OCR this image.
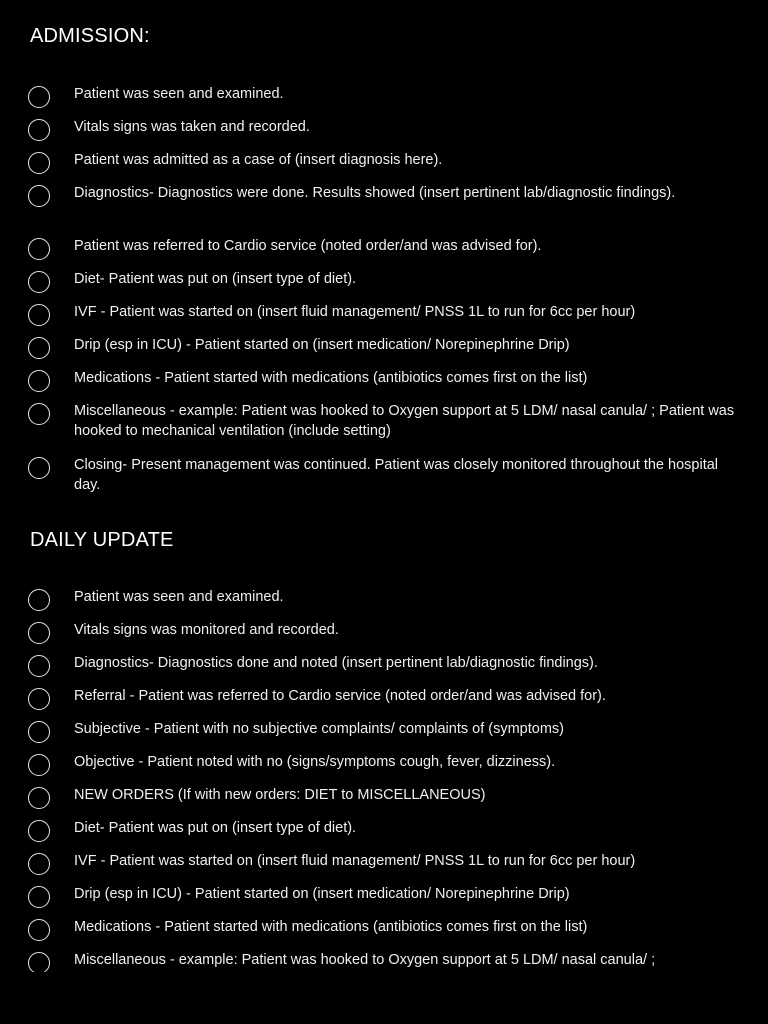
ADMISSION:
Patient was seen and examined.
Vitals signs was taken and recorded.
Patient was admitted as a case of (insert diagnosis here).
Diagnostics- Diagnostics were done. Results showed (insert pertinent lab/diagnostic findings).
Patient was referred to Cardio service (noted order/and was advised for).
Diet- Patient was put on (insert type of diet).
IVF - Patient was started on (insert fluid management/ PNSS 1L to run for 6cc per hour)
Drip (esp in ICU) - Patient started on (insert medication/ Norepinephrine Drip)
Medications - Patient started with medications (antibiotics comes first on the list)
Miscellaneous - example: Patient was hooked to Oxygen support at 5 LDM/ nasal canula/ ; Patient was hooked to mechanical ventilation (include setting)
Closing- Present management was continued. Patient was closely monitored throughout the hospital day.
DAILY UPDATE
Patient was seen and examined.
Vitals signs was monitored and recorded.
Diagnostics- Diagnostics done and noted (insert pertinent lab/diagnostic findings).
Referral - Patient was referred to Cardio service (noted order/and was advised for).
Subjective - Patient with no subjective complaints/ complaints of (symptoms)
Objective - Patient noted with no (signs/symptoms cough, fever, dizziness).
NEW ORDERS (If with new orders: DIET to MISCELLANEOUS)
Diet- Patient was put on (insert type of diet).
IVF - Patient was started on (insert fluid management/ PNSS 1L to run for 6cc per hour)
Drip (esp in ICU) - Patient started on (insert medication/ Norepinephrine Drip)
Medications - Patient started with medications (antibiotics comes first on the list)
Miscellaneous - example: Patient was hooked to Oxygen support at 5 LDM/ nasal canula/ ;
